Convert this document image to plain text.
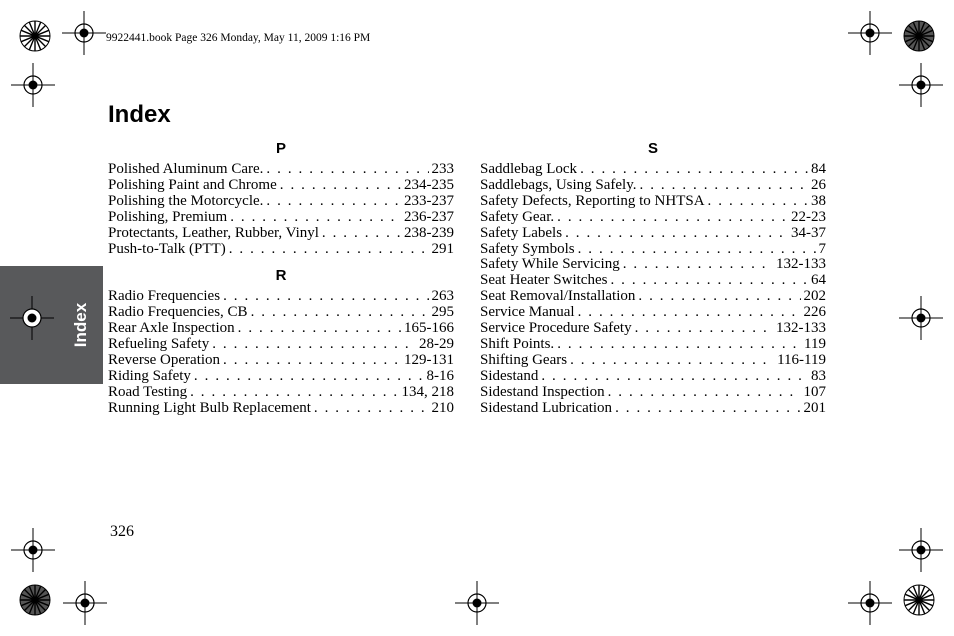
9922441.book Page 326 Monday, May 11, 2009 1:16 PM
Index
P
Polished Aluminum Care. . . .	233
Polishing Paint and Chrome . . .	234-235
Polishing the Motorcycle. . . .	233-237
Polishing, Premium . . .	236-237
Protectants, Leather, Rubber, Vinyl . . .	238-239
Push-to-Talk (PTT) . . .	291
R
Radio Frequencies . . .	263
Radio Frequencies, CB . . .	295
Rear Axle Inspection . . .	165-166
Refueling Safety . . .	28-29
Reverse Operation . . .	129-131
Riding Safety . . .	8-16
Road Testing . . .	134, 218
Running Light Bulb Replacement . . .	210
S
Saddlebag Lock . . .	84
Saddlebags, Using Safely. . . .	26
Safety Defects, Reporting to NHTSA . . .	38
Safety Gear. . . .	22-23
Safety Labels . . .	34-37
Safety Symbols . . .	7
Safety While Servicing . . .	132-133
Seat Heater Switches . . .	64
Seat Removal/Installation . . .	202
Service Manual . . .	226
Service Procedure Safety . . .	132-133
Shift Points. . . .	119
Shifting Gears . . .	116-119
Sidestand . . .	83
Sidestand Inspection . . .	107
Sidestand Lubrication . . .	201
Index
326
